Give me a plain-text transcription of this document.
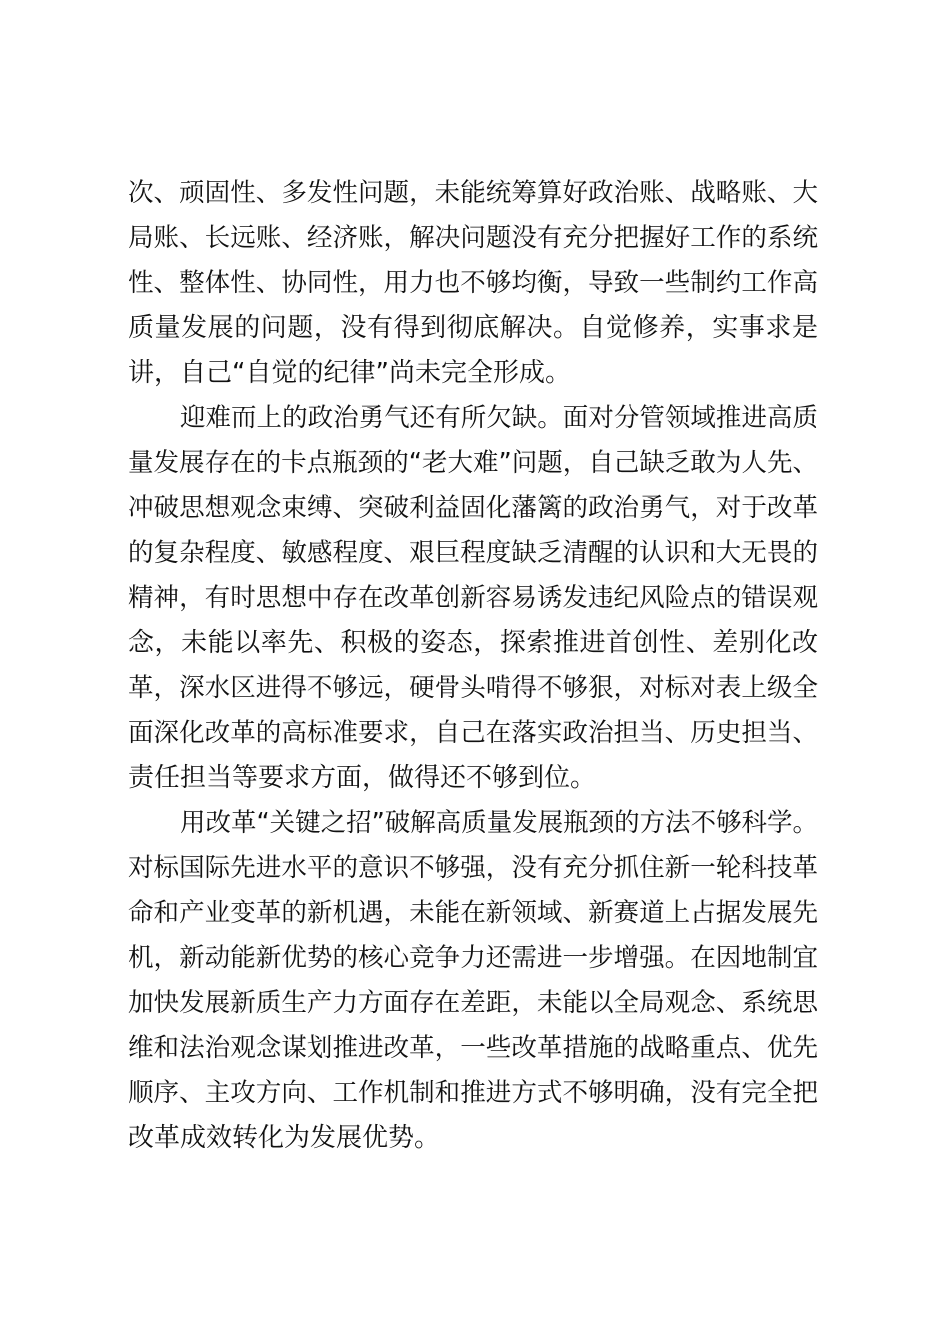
次、顽固性、多发性问题，未能统筹算好政治账、战略账、大
局账、长远账、经济账，解决问题没有充分把握好工作的系统
性、整体性、协同性，用力也不够均衡，导致一些制约工作高
质量发展的问题，没有得到彻底解决。自觉修养，实事求是
讲，自己“自觉的纪律”尚未完全形成。
迎难而上的政治勇气还有所欠缺。面对分管领域推进高质
量发展存在的卡点瓶颈的“老大难”问题，自己缺乏敢为人先、
冲破思想观念束缚、突破利益固化藩篱的政治勇气，对于改革
的复杂程度、敏感程度、艰巨程度缺乏清醒的认识和大无畏的
精神，有时思想中存在改革创新容易诱发违纪风险点的错误观
念，未能以率先、积极的姿态，探索推进首创性、差别化改
革，深水区进得不够远，硬骨头啃得不够狠，对标对表上级全
面深化改革的高标准要求，自己在落实政治担当、历史担当、
责任担当等要求方面，做得还不够到位。
用改革“关键之招”破解高质量发展瓶颈的方法不够科学。
对标国际先进水平的意识不够强，没有充分抓住新一轮科技革
命和产业变革的新机遇，未能在新领域、新赛道上占据发展先
机，新动能新优势的核心竞争力还需进一步增强。在因地制宜
加快发展新质生产力方面存在差距，未能以全局观念、系统思
维和法治观念谋划推进改革，一些改革措施的战略重点、优先
顺序、主攻方向、工作机制和推进方式不够明确，没有完全把
改革成效转化为发展优势。
